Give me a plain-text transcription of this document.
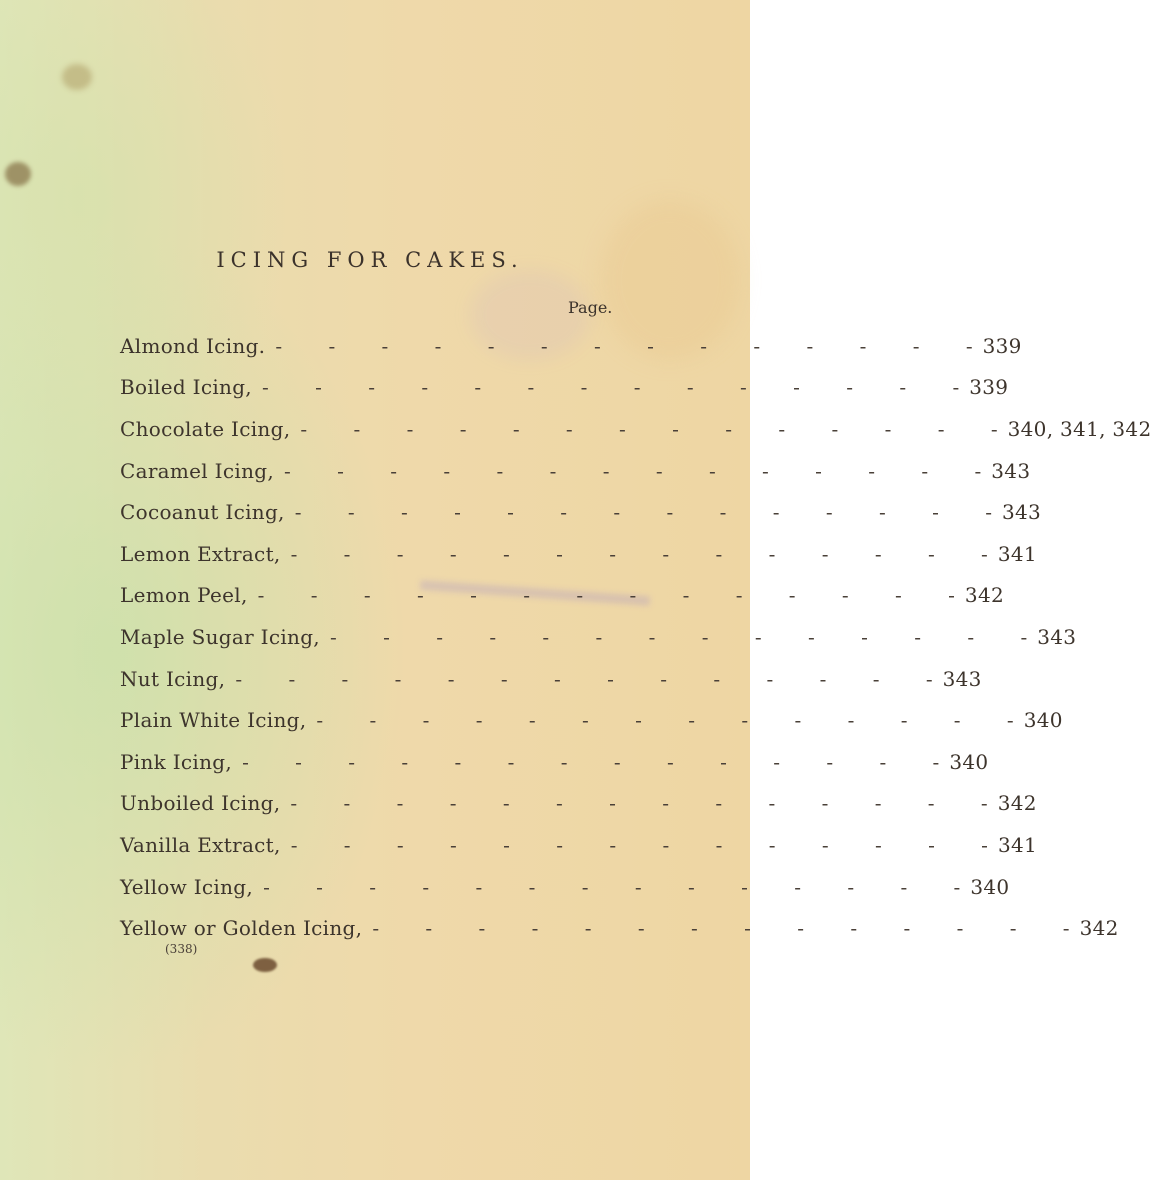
ICING FOR CAKES.
Page.
Almond Icing. - - - - - - - - - - - - - - 339
Boiled Icing, - - - - - - - - - - - - - - 339
Chocolate Icing, - - - - - - - - - - - - - - 340, 341, 342
Caramel Icing, - - - - - - - - - - - - - - 343
Cocoanut Icing, - - - - - - - - - - - - - - 343
Lemon Extract, - - - - - - - - - - - - - - 341
Lemon Peel, - - - - - - - - - - - - - - 342
Maple Sugar Icing, - - - - - - - - - - - - - - 343
Nut Icing, - - - - - - - - - - - - - - 343
Plain White Icing, - - - - - - - - - - - - - - 340
Pink Icing, - - - - - - - - - - - - - - 340
Unboiled Icing, - - - - - - - - - - - - - - 342
Vanilla Extract, - - - - - - - - - - - - - - 341
Yellow Icing, - - - - - - - - - - - - - - 340
Yellow or Golden Icing, - - - - - - - - - - - - - - 342
(338)
